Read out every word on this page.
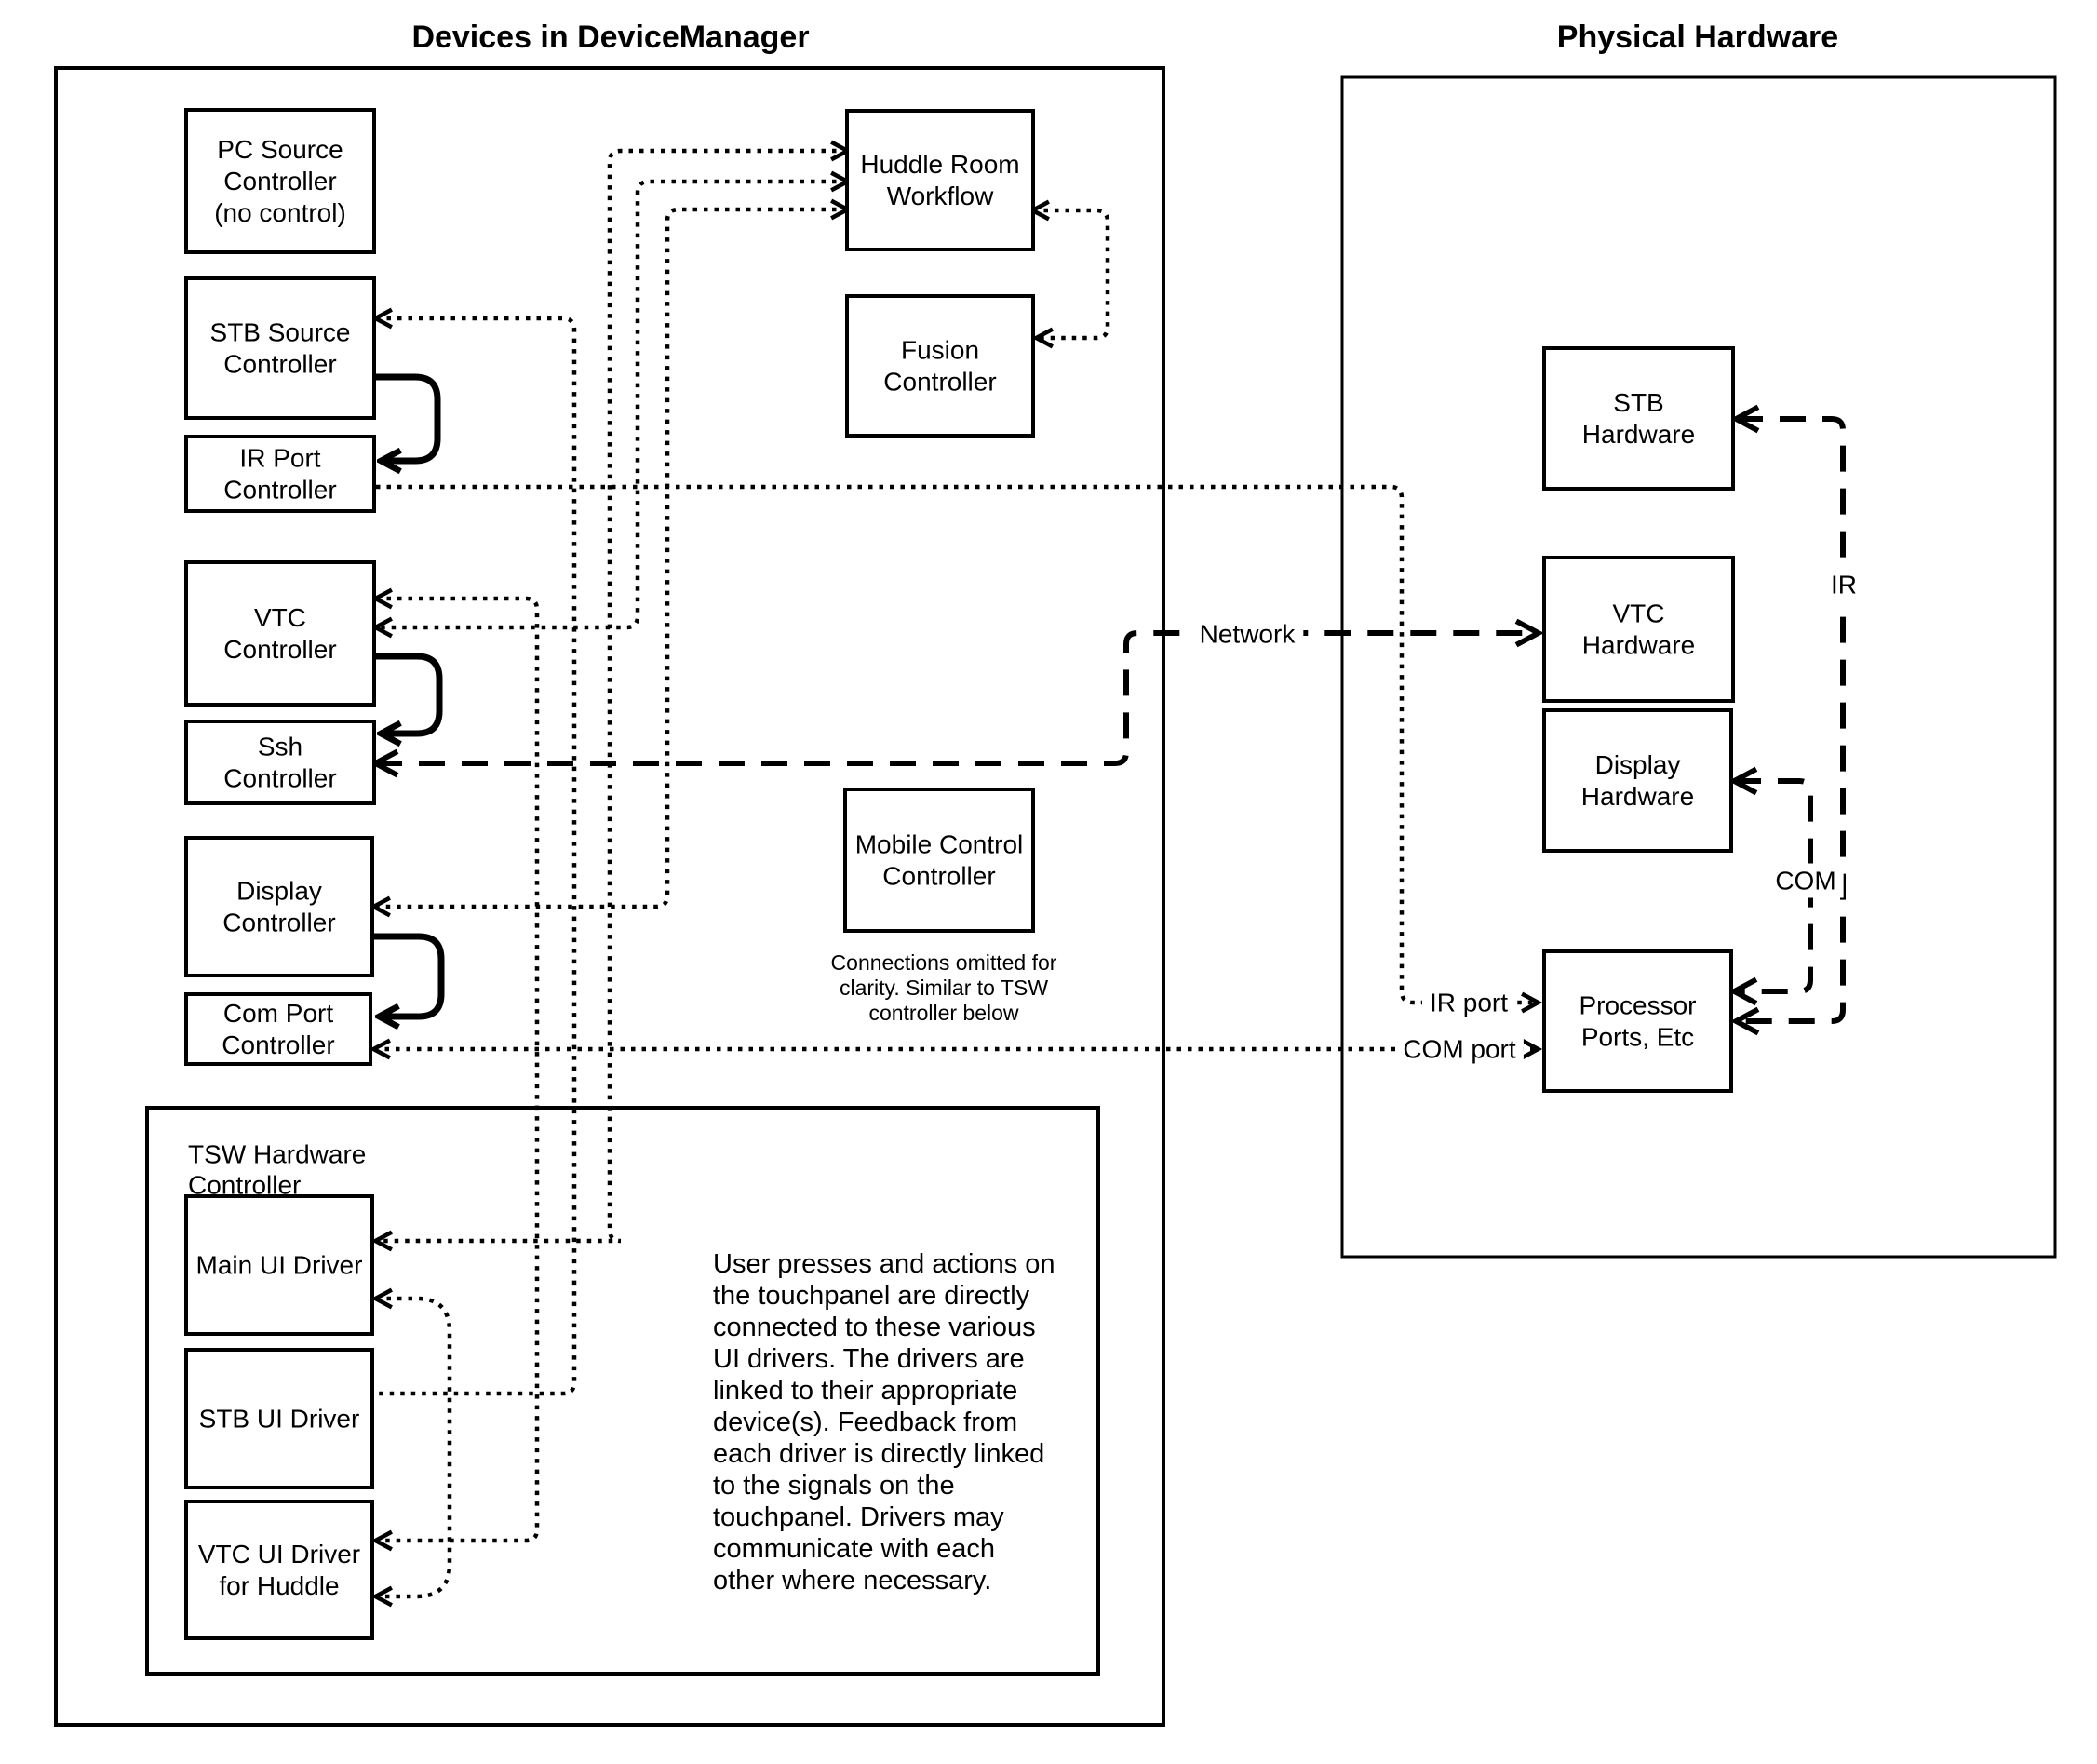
PC Source Controller (no control)
STB Source Controller
IR Port Controller
VTC Controller
Ssh Controller
Display Controller
Com Port Controller
Huddle Room Workflow
Fusion Controller
Mobile Control Controller
Main UI Driver
STB UI Driver
VTC UI Driver for Huddle
STB Hardware
VTC Hardware
Display Hardware
Processor Ports, Etc
Devices in DeviceManager	Physical Hardware
TSW Hardware Controller
Connections omitted for clarity. Similar to TSW controller below
User presses and actions on the touchpanel are directly connected to these various UI drivers. The drivers are linked to their appropriate device(s). Feedback from each driver is directly linked to the signals on the touchpanel. Drivers may communicate with each other where necessary.
Network
IR
COM
IR port
COM port
